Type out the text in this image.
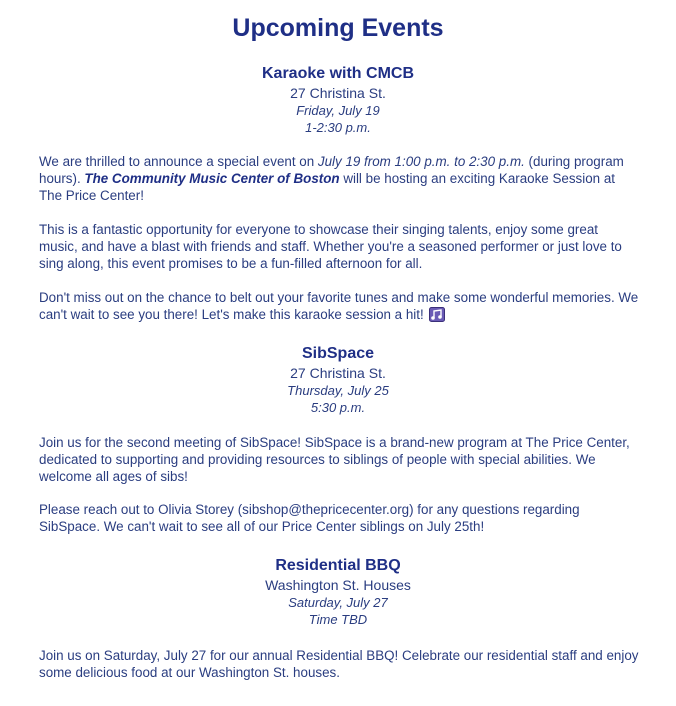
Upcoming Events
Karaoke with CMCB
27 Christina St.
Friday, July 19
1-2:30 p.m.

We are thrilled to announce a special event on July 19 from 1:00 p.m. to 2:30 p.m. (during program hours). The Community Music Center of Boston will be hosting an exciting Karaoke Session at The Price Center!

This is a fantastic opportunity for everyone to showcase their singing talents, enjoy some great music, and have a blast with friends and staff. Whether you're a seasoned performer or just love to sing along, this event promises to be a fun-filled afternoon for all.

Don't miss out on the chance to belt out your favorite tunes and make some wonderful memories. We can't wait to see you there! Let's make this karaoke session a hit!

SibSpace
27 Christina St.
Thursday, July 25
5:30 p.m.

Join us for the second meeting of SibSpace! SibSpace is a brand-new program at The Price Center, dedicated to supporting and providing resources to siblings of people with special abilities. We welcome all ages of sibs!

Please reach out to Olivia Storey (sibshop@thepricecenter.org) for any questions regarding SibSpace. We can't wait to see all of our Price Center siblings on July 25th!

Residential BBQ
Washington St. Houses
Saturday, July 27
Time TBD

Join us on Saturday, July 27 for our annual Residential BBQ! Celebrate our residential staff and enjoy some delicious food at our Washington St. houses.
